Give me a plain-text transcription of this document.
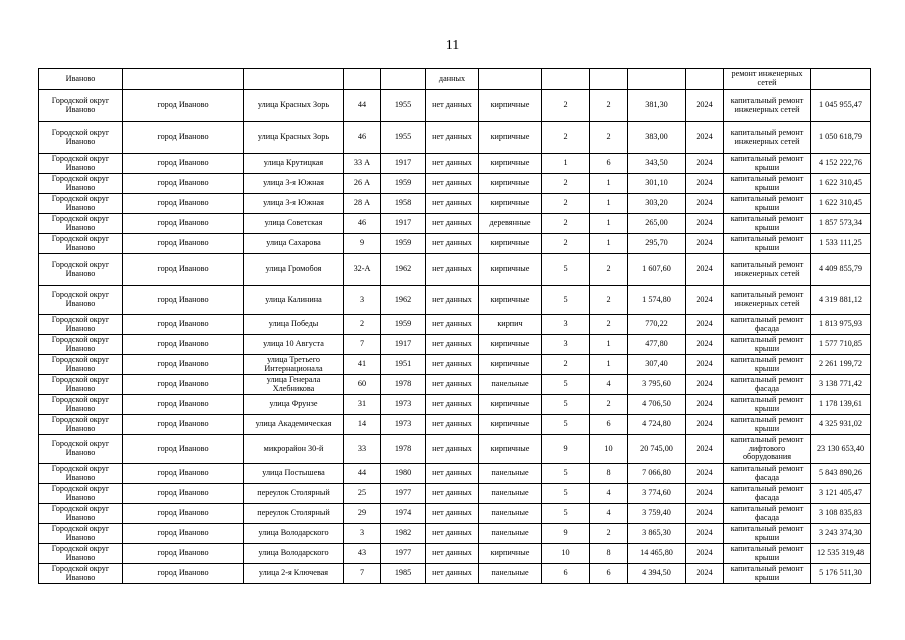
11
Иваново					данных						ремонт инженерных сетей	
Городской округ Иваново	город Иваново	улица Красных Зорь	44	1955	нет данных	кирпичные	2	2	381,30	2024	капитальный ремонт инженерных сетей	1 045 955,47
Городской округ Иваново	город Иваново	улица Красных Зорь	46	1955	нет данных	кирпичные	2	2	383,00	2024	капитальный ремонт инженерных сетей	1 050 618,79
Городской округ Иваново	город Иваново	улица Крутицкая	33 А	1917	нет данных	кирпичные	1	6	343,50	2024	капитальный ремонт крыши	4 152 222,76
Городской округ Иваново	город Иваново	улица 3-я Южная	26 А	1959	нет данных	кирпичные	2	1	301,10	2024	капитальный ремонт крыши	1 622 310,45
Городской округ Иваново	город Иваново	улица 3-я Южная	28 А	1958	нет данных	кирпичные	2	1	303,20	2024	капитальный ремонт крыши	1 622 310,45
Городской округ Иваново	город Иваново	улица Советская	46	1917	нет данных	деревянные	2	1	265,00	2024	капитальный ремонт крыши	1 857 573,34
Городской округ Иваново	город Иваново	улица Сахарова	9	1959	нет данных	кирпичные	2	1	295,70	2024	капитальный ремонт крыши	1 533 111,25
Городской округ Иваново	город Иваново	улица Громобоя	32-А	1962	нет данных	кирпичные	5	2	1 607,60	2024	капитальный ремонт инженерных сетей	4 409 855,79
Городской округ Иваново	город Иваново	улица Калинина	3	1962	нет данных	кирпичные	5	2	1 574,80	2024	капитальный ремонт инженерных сетей	4 319 881,12
Городской округ Иваново	город Иваново	улица Победы	2	1959	нет данных	кирпич	3	2	770,22	2024	капитальный ремонт фасада	1 813 975,93
Городской округ Иваново	город Иваново	улица 10 Августа	7	1917	нет данных	кирпичные	3	1	477,80	2024	капитальный ремонт крыши	1 577 710,85
Городской округ Иваново	город Иваново	улица Третьего Интернационала	41	1951	нет данных	кирпичные	2	1	307,40	2024	капитальный ремонт крыши	2 261 199,72
Городской округ Иваново	город Иваново	улица Генерала Хлебникова	60	1978	нет данных	панельные	5	4	3 795,60	2024	капитальный ремонт фасада	3 138 771,42
Городской округ Иваново	город Иваново	улица Фрунзе	31	1973	нет данных	кирпичные	5	2	4 706,50	2024	капитальный ремонт крыши	1 178 139,61
Городской округ Иваново	город Иваново	улица Академическая	14	1973	нет данных	кирпичные	5	6	4 724,80	2024	капитальный ремонт крыши	4 325 931,02
Городской округ Иваново	город Иваново	микрорайон 30-й	33	1978	нет данных	кирпичные	9	10	20 745,00	2024	капитальный ремонт лифтового оборудования	23 130 653,40
Городской округ Иваново	город Иваново	улица Постышева	44	1980	нет данных	панельные	5	8	7 066,80	2024	капитальный ремонт фасада	5 843 890,26
Городской округ Иваново	город Иваново	переулок Столярный	25	1977	нет данных	панельные	5	4	3 774,60	2024	капитальный ремонт фасада	3 121 405,47
Городской округ Иваново	город Иваново	переулок Столярный	29	1974	нет данных	панельные	5	4	3 759,40	2024	капитальный ремонт фасада	3 108 835,83
Городской округ Иваново	город Иваново	улица Володарского	3	1982	нет данных	панельные	9	2	3 865,30	2024	капитальный ремонт крыши	3 243 374,30
Городской округ Иваново	город Иваново	улица Володарского	43	1977	нет данных	кирпичные	10	8	14 465,80	2024	капитальный ремонт крыши	12 535 319,48
Городской округ Иваново	город Иваново	улица 2-я Ключевая	7	1985	нет данных	панельные	6	6	4 394,50	2024	капитальный ремонт крыши	5 176 511,30
